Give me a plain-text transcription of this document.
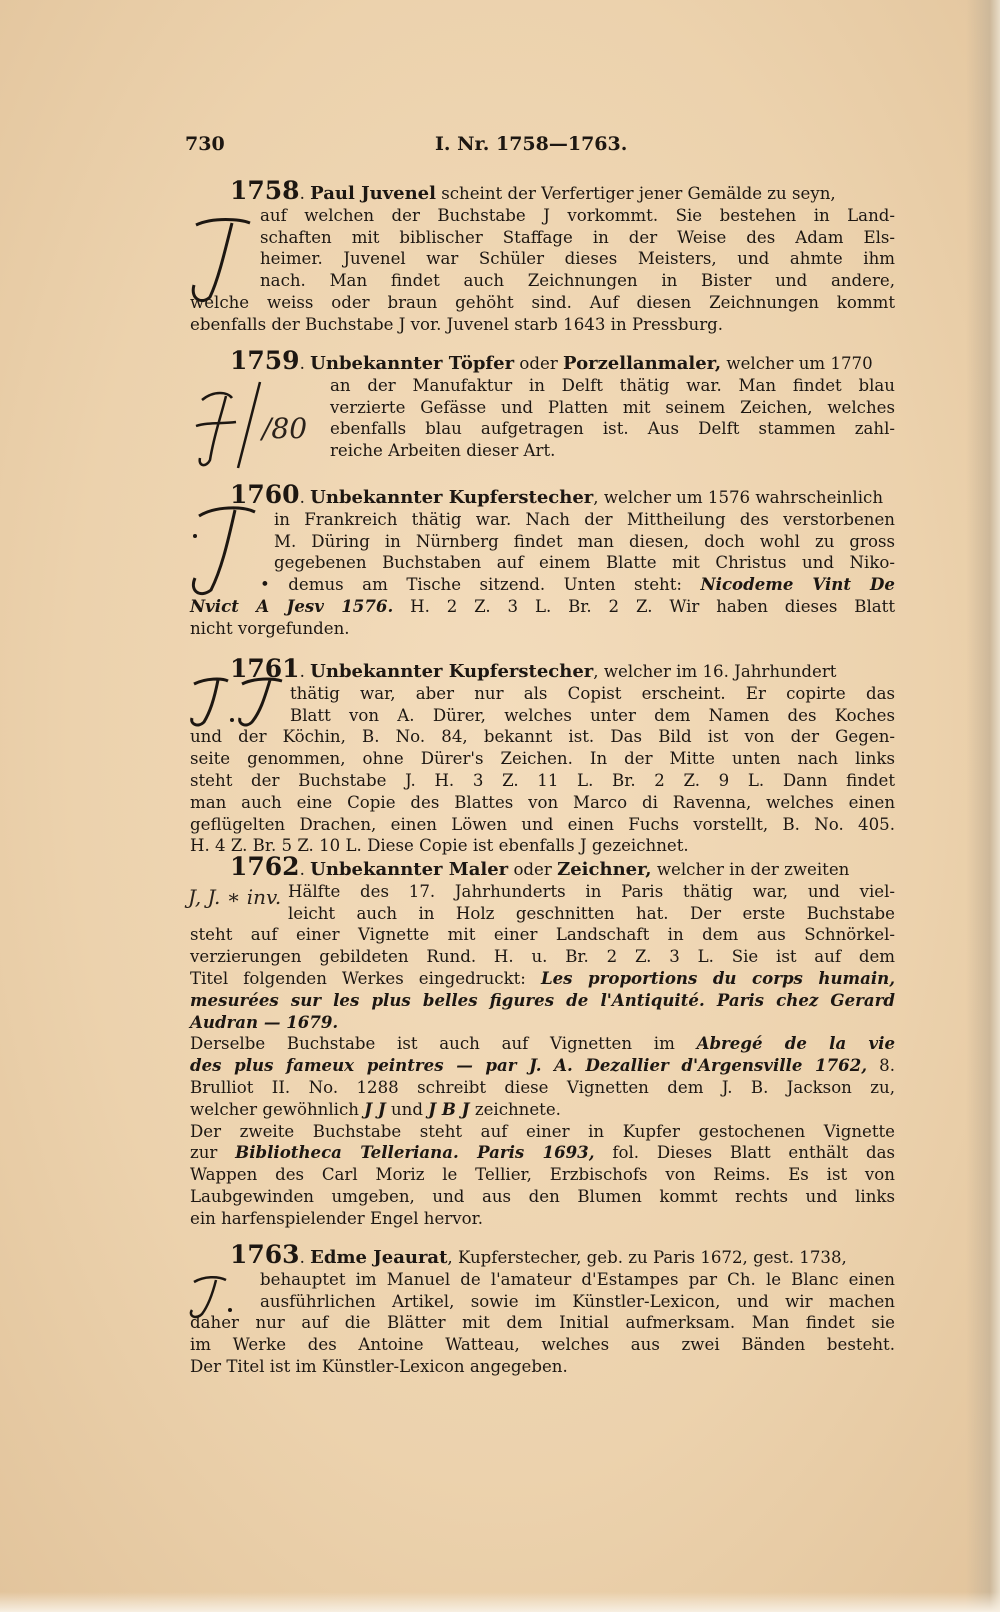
730	I. Nr. 1758—1763.
/80
J, J. ∗ inv.
1758. Paul Juvenel scheint der Verfertiger jener Gemälde zu seyn,
auf welchen der Buchstabe J vorkommt. Sie bestehen in Land-
schaften mit biblischer Staffage in der Weise des Adam Els-
heimer. Juvenel war Schüler dieses Meisters, und ahmte ihm
nach. Man findet auch Zeichnungen in Bister und andere,
welche weiss oder braun gehöht sind. Auf diesen Zeichnungen kommt
ebenfalls der Buchstabe J vor. Juvenel starb 1643 in Pressburg.
1759. Unbekannter Töpfer oder Porzellanmaler, welcher um 1770
an der Manufaktur in Delft thätig war. Man findet blau
verzierte Gefässe und Platten mit seinem Zeichen, welches
ebenfalls blau aufgetragen ist. Aus Delft stammen zahl-
reiche Arbeiten dieser Art.
1760. Unbekannter Kupferstecher, welcher um 1576 wahrscheinlich
in Frankreich thätig war. Nach der Mittheilung des verstorbenen
M. Düring in Nürnberg findet man diesen, doch wohl zu gross
gegebenen Buchstaben auf einem Blatte mit Christus und Niko-
• demus am Tische sitzend. Unten steht: Nicodeme Vint De
Nvict A Jesv 1576. H. 2 Z. 3 L. Br. 2 Z. Wir haben dieses Blatt
nicht vorgefunden.
1761. Unbekannter Kupferstecher, welcher im 16. Jahrhundert
thätig war, aber nur als Copist erscheint. Er copirte das
Blatt von A. Dürer, welches unter dem Namen des Koches
und der Köchin, B. No. 84, bekannt ist. Das Bild ist von der Gegen-
seite genommen, ohne Dürer's Zeichen. In der Mitte unten nach links
steht der Buchstabe J. H. 3 Z. 11 L. Br. 2 Z. 9 L. Dann findet
man auch eine Copie des Blattes von Marco di Ravenna, welches einen
geflügelten Drachen, einen Löwen und einen Fuchs vorstellt, B. No. 405.
H. 4 Z. Br. 5 Z. 10 L. Diese Copie ist ebenfalls J gezeichnet.
1762. Unbekannter Maler oder Zeichner, welcher in der zweiten
Hälfte des 17. Jahrhunderts in Paris thätig war, und viel-
leicht auch in Holz geschnitten hat. Der erste Buchstabe
steht auf einer Vignette mit einer Landschaft in dem aus Schnörkel-
verzierungen gebildeten Rund. H. u. Br. 2 Z. 3 L. Sie ist auf dem
Titel folgenden Werkes eingedruckt: Les proportions du corps humain,
mesurées sur les plus belles figures de l'Antiquité. Paris chez Gerard
Audran — 1679.
Derselbe Buchstabe ist auch auf Vignetten im Abregé de la vie
des plus fameux peintres — par J. A. Dezallier d'Argensville 1762, 8.
Brulliot II. No. 1288 schreibt diese Vignetten dem J. B. Jackson zu,
welcher gewöhnlich J J und J B J zeichnete.
Der zweite Buchstabe steht auf einer in Kupfer gestochenen Vignette
zur Bibliotheca Telleriana. Paris 1693, fol. Dieses Blatt enthält das
Wappen des Carl Moriz le Tellier, Erzbischofs von Reims. Es ist von
Laubgewinden umgeben, und aus den Blumen kommt rechts und links
ein harfenspielender Engel hervor.
1763. Edme Jeaurat, Kupferstecher, geb. zu Paris 1672, gest. 1738,
behauptet im Manuel de l'amateur d'Estampes par Ch. le Blanc einen
ausführlichen Artikel, sowie im Künstler-Lexicon, und wir machen
daher nur auf die Blätter mit dem Initial aufmerksam. Man findet sie
im Werke des Antoine Watteau, welches aus zwei Bänden besteht.
Der Titel ist im Künstler-Lexicon angegeben.
